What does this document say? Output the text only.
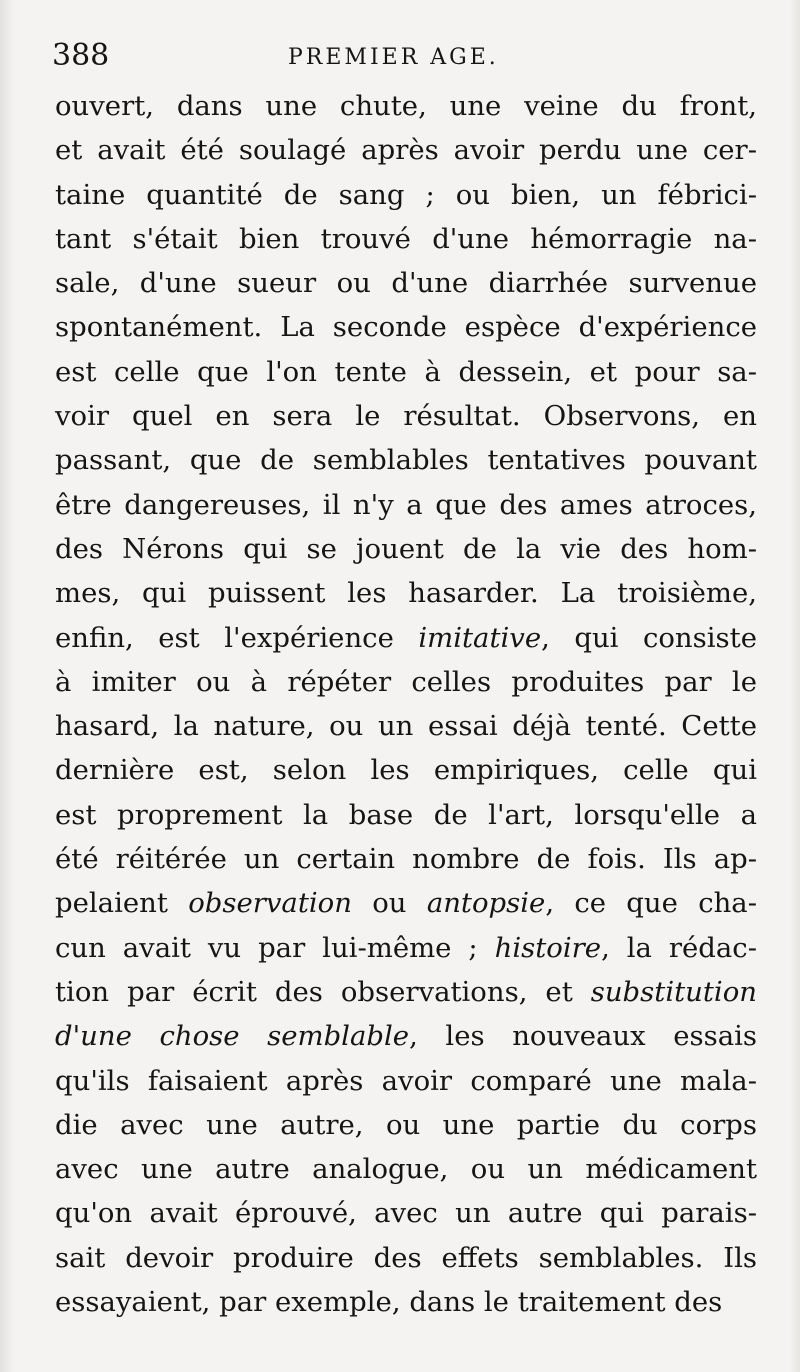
388	PREMIER AGE.
ouvert, dans une chute, une veine du front,
et avait été soulagé après avoir perdu une cer-
taine quantité de sang ; ou bien, un fébrici-
tant s'était bien trouvé d'une hémorragie na-
sale, d'une sueur ou d'une diarrhée survenue
spontanément. La seconde espèce d'expérience
est celle que l'on tente à dessein, et pour sa-
voir quel en sera le résultat. Observons, en
passant, que de semblables tentatives pouvant
être dangereuses, il n'y a que des ames atroces,
des Nérons qui se jouent de la vie des hom-
mes, qui puissent les hasarder. La troisième,
enfin, est l'expérience imitative, qui consiste
à imiter ou à répéter celles produites par le
hasard, la nature, ou un essai déjà tenté. Cette
dernière est, selon les empiriques, celle qui
est proprement la base de l'art, lorsqu'elle a
été réitérée un certain nombre de fois. Ils ap-
pelaient observation ou antopsie, ce que cha-
cun avait vu par lui-même ; histoire, la rédac-
tion par écrit des observations, et substitution
d'une chose semblable, les nouveaux essais
qu'ils faisaient après avoir comparé une mala-
die avec une autre, ou une partie du corps
avec une autre analogue, ou un médicament
qu'on avait éprouvé, avec un autre qui parais-
sait devoir produire des effets semblables. Ils
essayaient, par exemple, dans le traitement des
